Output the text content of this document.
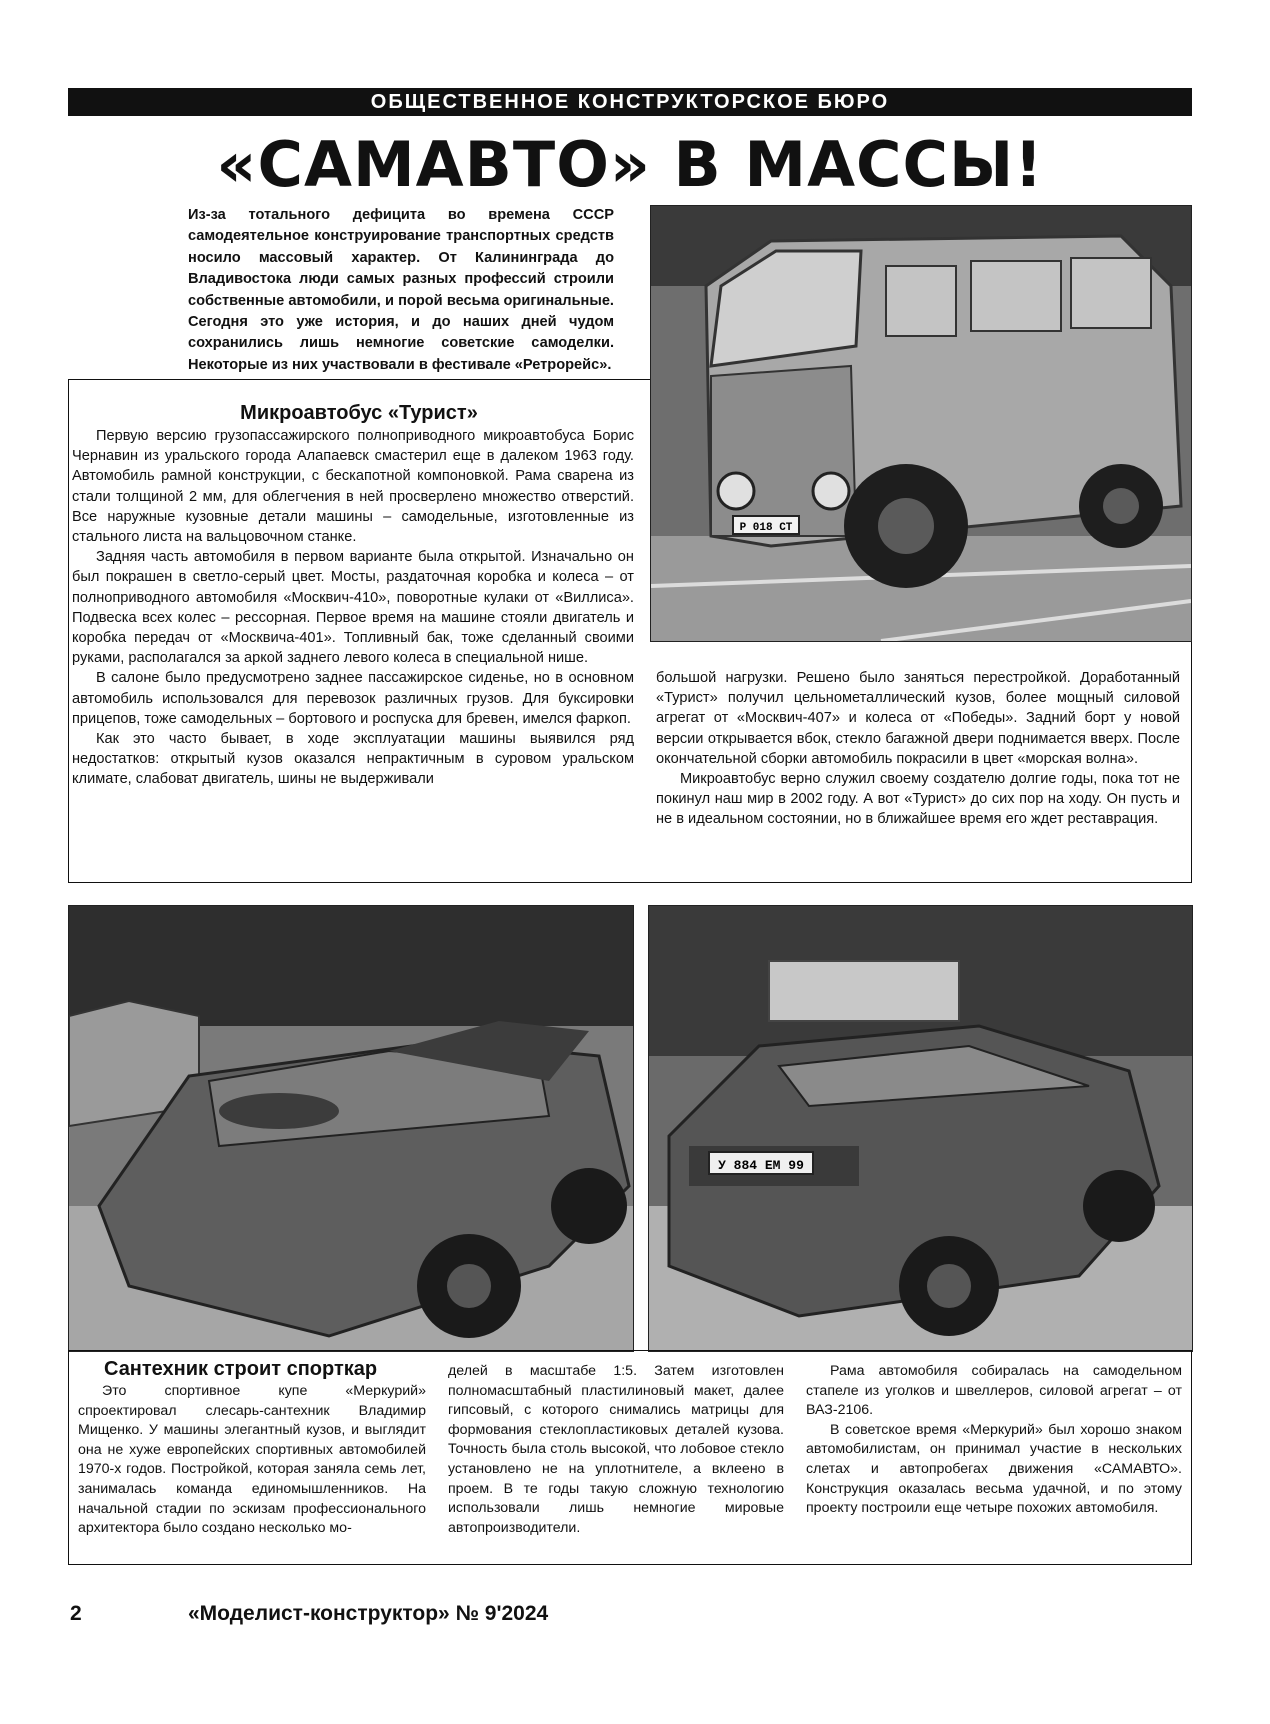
ОБЩЕСТВЕННОЕ КОНСТРУКТОРСКОЕ БЮРО
«САМАВТО» В МАССЫ!
Из-за тотального дефицита во времена СССР самодеятельное конструирование транспортных средств носило массовый характер. От Калининграда до Владивостока люди самых разных профессий строили собственные автомобили, и порой весьма оригинальные. Сегодня это уже история, и до наших дней чудом сохранились лишь немногие советские самоделки. Некоторые из них участвовали в фестивале «Ретрорейс».
Р 018 СТ
Микроавтобус «Турист»

Первую версию грузопассажирского полноприводного микроавтобуса Борис Чернавин из уральского города Алапаевск смастерил еще в далеком 1963 году. Автомобиль рамной конструкции, с бескапотной компоновкой. Рама сварена из стали толщиной 2 мм, для облегчения в ней просверлено множество отверстий. Все наружные кузовные детали машины – самодельные, изготовленные из стального листа на вальцовочном станке.

Задняя часть автомобиля в первом варианте была открытой. Изначально он был покрашен в светло-серый цвет. Мосты, раздаточная коробка и колеса – от полноприводного автомобиля «Москвич-410», поворотные кулаки от «Виллиса». Подвеска всех колес – рессорная. Первое время на машине стояли двигатель и коробка передач от «Москвича-401». Топливный бак, тоже сделанный своими руками, располагался за аркой заднего левого колеса в специальной нише.

В салоне было предусмотрено заднее пассажирское сиденье, но в основном автомобиль использовался для перевозок различных грузов. Для буксировки прицепов, тоже самодельных – бортового и роспуска для бревен, имелся фаркоп.

Как это часто бывает, в ходе эксплуатации машины выявился ряд недостатков: открытый кузов оказался непрактичным в суровом уральском климате, слабоват двигатель, шины не выдерживали

большой нагрузки. Решено было заняться перестройкой. Доработанный «Турист» получил цельнометаллический кузов, более мощный силовой агрегат от «Москвич-407» и колеса от «Победы». Задний борт у новой версии открывается вбок, стекло багажной двери поднимается вверх. После окончательной сборки автомобиль покрасили в цвет «морская волна».

Микроавтобус верно служил своему создателю долгие годы, пока тот не покинул наш мир в 2002 году. А вот «Турист» до сих пор на ходу. Он пусть и не в идеальном состоянии, но в ближайшее время его ждет реставрация.

У 884 ЕМ 99
Сантехник строит спорткар

Это спортивное купе «Меркурий» спроектировал слесарь-сантехник Владимир Мищенко. У машины элегантный кузов, и выглядит она не хуже европейских спортивных автомобилей 1970-х годов. Постройкой, которая заняла семь лет, занималась команда единомышленников. На начальной стадии по эскизам профессионального архитектора было создано несколько мо-

делей в масштабе 1:5. Затем изготовлен полномасштабный пластилиновый макет, далее гипсовый, с которого снимались матрицы для формования стеклопластиковых деталей кузова. Точность была столь высокой, что лобовое стекло установлено не на уплотнителе, а вклеено в проем. В те годы такую сложную технологию использовали лишь немногие мировые автопроизводители.

Рама автомобиля собиралась на самодельном стапеле из уголков и швеллеров, силовой агрегат – от ВАЗ-2106.

В советское время «Меркурий» был хорошо знаком автомобилистам, он принимал участие в нескольких слетах и автопробегах движения «САМАВТО». Конструкция оказалась весьма удачной, и по этому проекту построили еще четыре похожих автомобиля.

2	«Моделист-конструктор» № 9'2024
